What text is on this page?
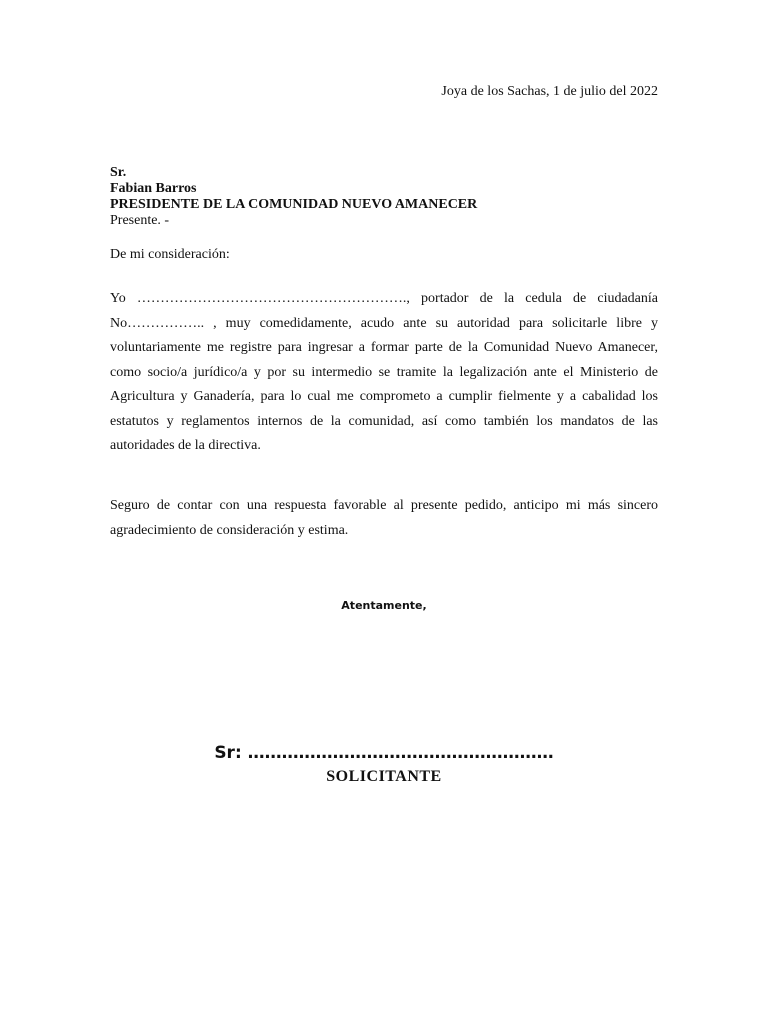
Joya de los Sachas, 1 de julio del 2022
Sr.
Fabian Barros
PRESIDENTE DE LA COMUNIDAD NUEVO AMANECER
Presente. -
De mi consideración:

Yo …………………………………………………., portador de la cedula de ciudadanía No…………….. , muy comedidamente, acudo ante su autoridad para solicitarle libre y voluntariamente me registre para ingresar a formar parte de la Comunidad Nuevo Amanecer, como socio/a jurídico/a y por su intermedio se tramite la legalización ante el Ministerio de Agricultura y Ganadería, para lo cual me comprometo a cumplir fielmente y a cabalidad los estatutos y reglamentos internos de la comunidad, así como también los mandatos de las autoridades de la directiva.

Seguro de contar con una respuesta favorable al presente pedido, anticipo mi más sincero agradecimiento de consideración y estima.

Atentamente,
Sr: ………………………………………………
SOLICITANTE
